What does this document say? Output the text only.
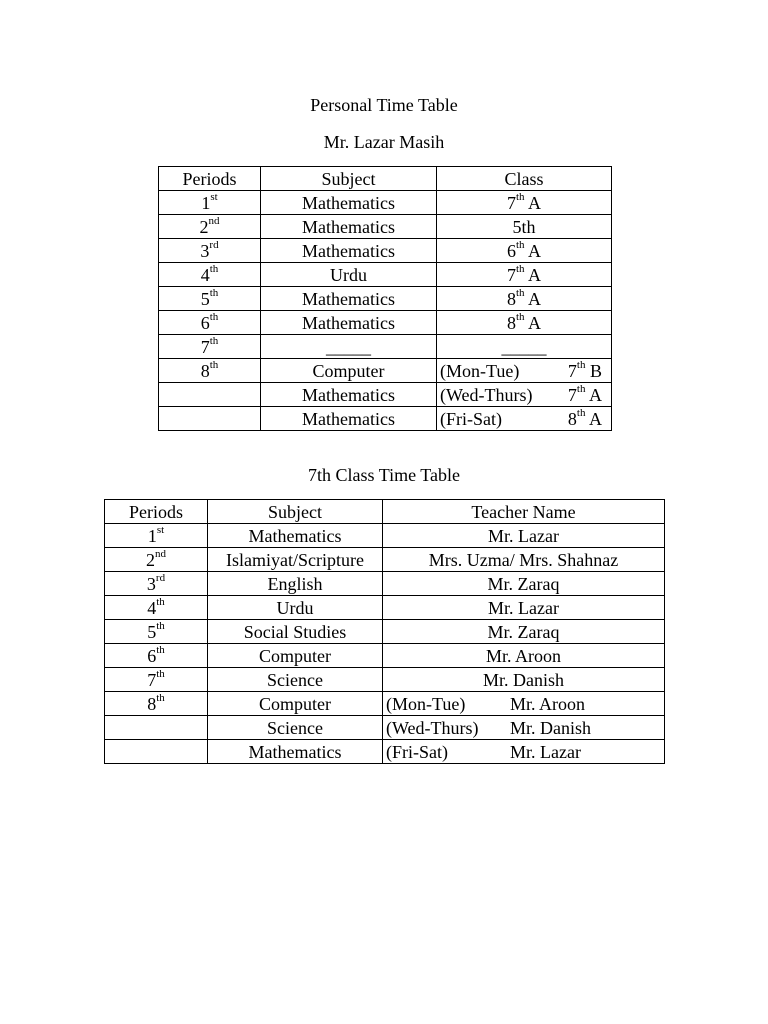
Personal Time Table
Mr. Lazar Masih
Periods	Subject	Class
1st	Mathematics	7th A
2nd	Mathematics	5th
3rd	Mathematics	6th A
4th	Urdu	7th A
5th	Mathematics	8th A
6th	Mathematics	8th A
7th	_____	_____
8th	Computer	(Mon-Tue) 7th B

	Mathematics	(Wed-Thurs) 7th A

	Mathematics	(Fri-Sat) 8th A
7th Class Time Table
Periods	Subject	Teacher Name
1st	Mathematics	Mr. Lazar
2nd	Islamiyat/Scripture	Mrs. Uzma/ Mrs. Shahnaz
3rd	English	Mr. Zaraq
4th	Urdu	Mr. Lazar
5th	Social Studies	Mr. Zaraq
6th	Computer	Mr. Aroon
7th	Science	Mr. Danish
8th	Computer	(Mon-Tue) Mr. Aroon

	Science	(Wed-Thurs) Mr. Danish

	Mathematics	(Fri-Sat) Mr. Lazar
